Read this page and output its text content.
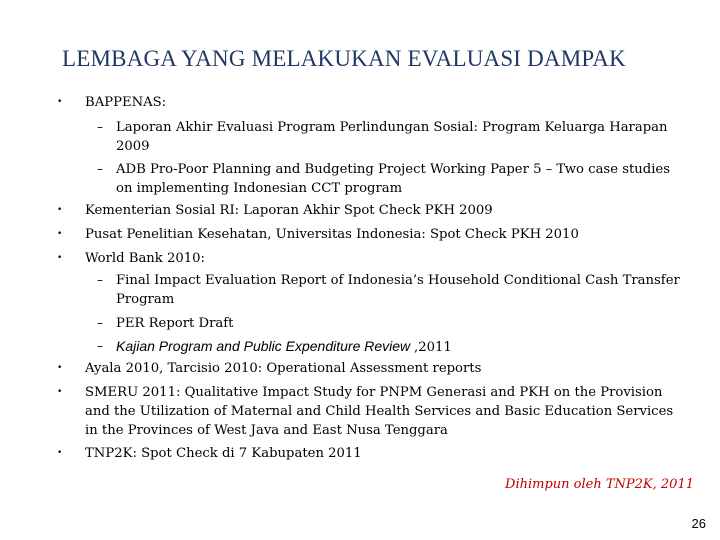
LEMBAGA YANG MELAKUKAN EVALUASI DAMPAK
• BAPPENAS:
– Laporan Akhir Evaluasi Program Perlindungan Sosial: Program Keluarga Harapan 2009
– ADB Pro-Poor Planning and Budgeting Project Working Paper 5 – Two case studies on implementing Indonesian CCT program
• Kementerian Sosial RI: Laporan Akhir Spot Check PKH 2009
• Pusat Penelitian Kesehatan, Universitas Indonesia: Spot Check PKH 2010
• World Bank 2010:
– Final Impact Evaluation Report of Indonesia’s Household Conditional Cash Transfer Program
– PER Report Draft
– Kajian Program and Public Expenditure Review ,2011
• Ayala 2010, Tarcisio 2010: Operational Assessment reports
• SMERU 2011: Qualitative Impact Study for PNPM Generasi and PKH on the Provision and the Utilization of Maternal and Child Health Services and Basic Education Services in the Provinces of West Java and East Nusa Tenggara
• TNP2K: Spot Check di 7 Kabupaten 2011
Dihimpun oleh TNP2K, 2011
26
